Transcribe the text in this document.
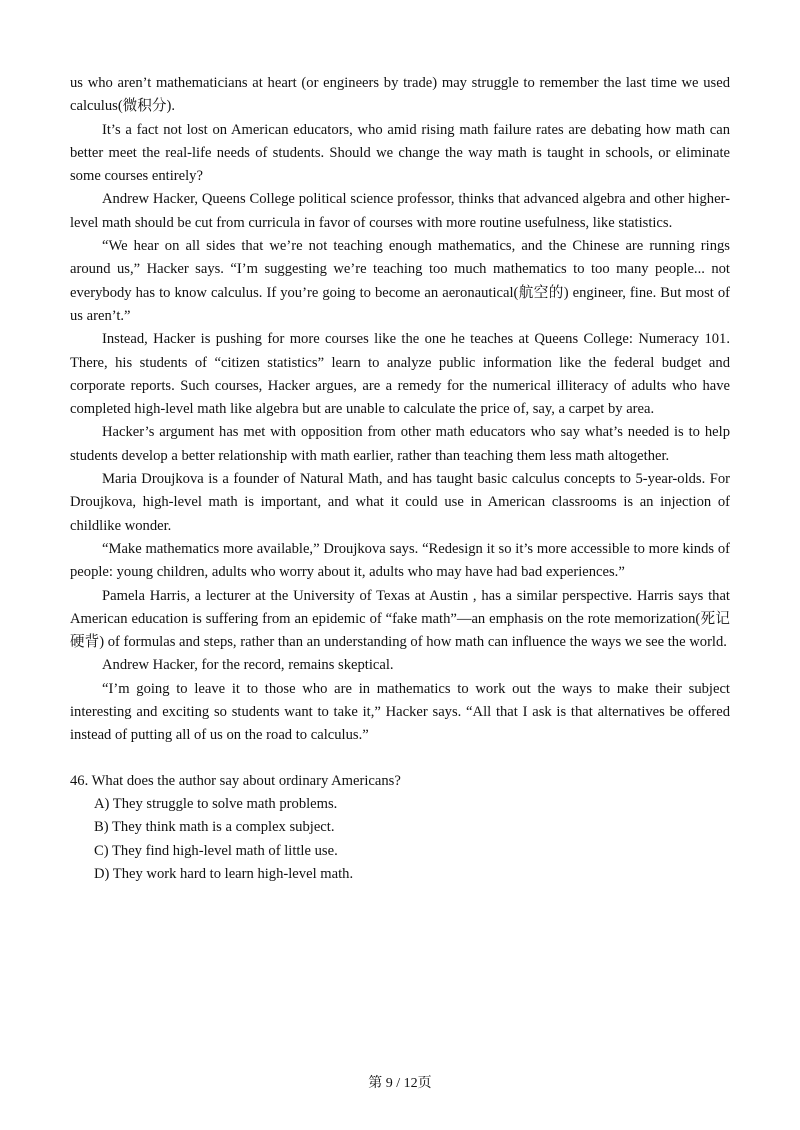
us who aren’t mathematicians at heart (or engineers by trade) may struggle to remember the last time we used calculus(微积分).

It’s a fact not lost on American educators, who amid rising math failure rates are debating how math can better meet the real-life needs of students. Should we change the way math is taught in schools, or eliminate some courses entirely?

Andrew Hacker, Queens College political science professor, thinks that advanced algebra and other higher-level math should be cut from curricula in favor of courses with more routine usefulness, like statistics.

“We hear on all sides that we’re not teaching enough mathematics, and the Chinese are running rings around us,” Hacker says. “I’m suggesting we’re teaching too much mathematics to too many people... not everybody has to know calculus. If you’re going to become an aeronautical(航空的) engineer, fine. But most of us aren’t.”

Instead, Hacker is pushing for more courses like the one he teaches at Queens College: Numeracy 101. There, his students of “citizen statistics” learn to analyze public information like the federal budget and corporate reports. Such courses, Hacker argues, are a remedy for the numerical illiteracy of adults who have completed high-level math like algebra but are unable to calculate the price of, say, a carpet by area.

Hacker’s argument has met with opposition from other math educators who say what’s needed is to help students develop a better relationship with math earlier, rather than teaching them less math altogether.

Maria Droujkova is a founder of Natural Math, and has taught basic calculus concepts to 5-year-olds. For Droujkova, high-level math is important, and what it could use in American classrooms is an injection of childlike wonder.

“Make mathematics more available,” Droujkova says. “Redesign it so it’s more accessible to more kinds of people: young children, adults who worry about it, adults who may have had bad experiences.”

Pamela Harris, a lecturer at the University of Texas at Austin , has a similar perspective. Harris says that American education is suffering from an epidemic of “fake math”—an emphasis on the rote memorization(死记硬背) of formulas and steps, rather than an understanding of how math can influence the ways we see the world.

Andrew Hacker, for the record, remains skeptical.

“I’m going to leave it to those who are in mathematics to work out the ways to make their subject interesting and exciting so students want to take it,” Hacker says. “All that I ask is that alternatives be offered instead of putting all of us on the road to calculus.”

46. What does the author say about ordinary Americans?

A) They struggle to solve math problems.

B) They think math is a complex subject.

C) They find high-level math of little use.

D) They work hard to learn high-level math.

第 9 / 12页
